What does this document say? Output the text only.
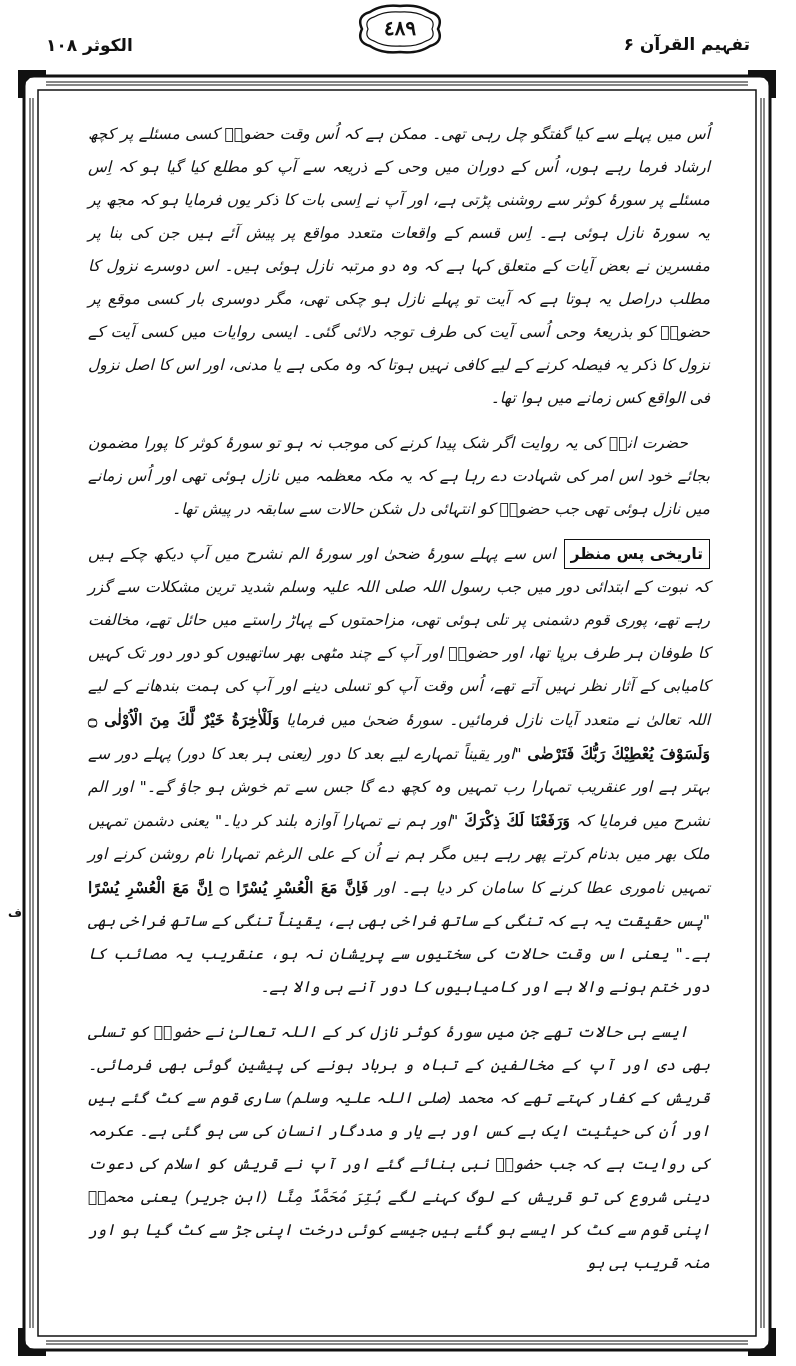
تفہیم القرآن ۶
٤٨٩
الکوثر ۱۰۸
ف

اُس میں پہلے سے کیا گفتگو چل رہی تھی۔ ممکن ہے کہ اُس وقت حضورؐ کسی مسئلے پر کچھ ارشاد فرما رہے ہوں، اُس کے دوران میں وحی کے ذریعہ سے آپ کو مطلع کیا گیا ہو کہ اِس مسئلے پر سورۂ کوثر سے روشنی پڑتی ہے، اور آپ نے اِسی بات کا ذکر یوں فرمایا ہو کہ مجھ پر یہ سورۃ نازل ہوئی ہے۔ اِس قسم کے واقعات متعدد مواقع پر پیش آئے ہیں جن کی بنا پر مفسرین نے بعض آیات کے متعلق کہا ہے کہ وہ دو مرتبہ نازل ہوئی ہیں۔ اس دوسرے نزول کا مطلب دراصل یہ ہوتا ہے کہ آیت تو پہلے نازل ہو چکی تھی، مگر دوسری بار کسی موقع پر حضورؐ کو بذریعۂ وحی اُسی آیت کی طرف توجہ دلائی گئی۔ ایسی روایات میں کسی آیت کے نزول کا ذکر یہ فیصلہ کرنے کے لیے کافی نہیں ہوتا کہ وہ مکی ہے یا مدنی، اور اس کا اصل نزول فی الواقع کس زمانے میں ہوا تھا۔

حضرت انسؓ کی یہ روایت اگر شک پیدا کرنے کی موجب نہ ہو تو سورۂ کوثر کا پورا مضمون بجائے خود اس امر کی شہادت دے رہا ہے کہ یہ مکہ معظمہ میں نازل ہوئی تھی اور اُس زمانے میں نازل ہوئی تھی جب حضورؐ کو انتہائی دل شکن حالات سے سابقہ در پیش تھا۔

تاریخی پس منظراس سے پہلے سورۂ ضحیٰ اور سورۂ الم نشرح میں آپ دیکھ چکے ہیں کہ نبوت کے ابتدائی دور میں جب رسول اللہ صلی اللہ علیہ وسلم شدید ترین مشکلات سے گزر رہے تھے، پوری قوم دشمنی پر تلی ہوئی تھی، مزاحمتوں کے پہاڑ راستے میں حائل تھے، مخالفت کا طوفان ہر طرف برپا تھا، اور حضورؐ اور آپ کے چند مٹھی بھر ساتھیوں کو دور دور تک کہیں کامیابی کے آثار نظر نہیں آتے تھے، اُس وقت آپ کو تسلی دینے اور آپ کی ہمت بندھانے کے لیے اللہ تعالیٰ نے متعدد آیات نازل فرمائیں۔ سورۂ ضحیٰ میں فرمایا وَلَلْاٰخِرَةُ خَيْرٌ لَّكَ مِنَ الْاُوْلٰى ۝ وَلَسَوْفَ يُعْطِيْكَ رَبُّكَ فَتَرْضٰى "اور یقیناً تمہارے لیے بعد کا دور (یعنی ہر بعد کا دور) پہلے دور سے بہتر ہے اور عنقریب تمہارا رب تمہیں وہ کچھ دے گا جس سے تم خوش ہو جاؤ گے۔" اور الم نشرح میں فرمایا کہ وَرَفَعْنَا لَكَ ذِكْرَكَ "اور ہم نے تمہارا آوازہ بلند کر دیا۔" یعنی دشمن تمہیں ملک بھر میں بدنام کرتے پھر رہے ہیں مگر ہم نے اُن کے علی الرغم تمہارا نام روشن کرنے اور تمہیں ناموری عطا کرنے کا سامان کر دیا ہے۔ اور فَاِنَّ مَعَ الْعُسْرِ يُسْرًا ۝ اِنَّ مَعَ الْعُسْرِ يُسْرًا "پس حقیقت یہ ہے کہ تنگی کے ساتھ فراخی بھی ہے، یقیناً تنگی کے ساتھ فراخی بھی ہے۔" یعنی اس وقت حالات کی سختیوں سے پریشان نہ ہو، عنقریب یہ مصائب کا دور ختم ہونے والا ہے اور کامیابیوں کا دور آنے ہی والا ہے۔

ایسے ہی حالات تھے جن میں سورۂ کوثر نازل کر کے اللہ تعالیٰ نے حضورؐ کو تسلی بھی دی اور آپ کے مخالفین کے تباہ و برباد ہونے کی پیشین گوئی بھی فرمائی۔ قریش کے کفار کہتے تھے کہ محمد (صلی اللہ علیہ وسلم) ساری قوم سے کٹ گئے ہیں اور اُن کی حیثیت ایک بے کس اور بے یار و مددگار انسان کی سی ہو گئی ہے۔ عکرمہ کی روایت ہے کہ جب حضورؐ نبی بنائے گئے اور آپ نے قریش کو اسلام کی دعوت دینی شروع کی تو قریش کے لوگ کہنے لگے بُتِرَ مُحَمَّدٌ مِنَّا (ابن جریر) یعنی محمدؐ اپنی قوم سے کٹ کر ایسے ہو گئے ہیں جیسے کوئی درخت اپنی جڑ سے کٹ گیا ہو اور منہ قریب ہی ہو
